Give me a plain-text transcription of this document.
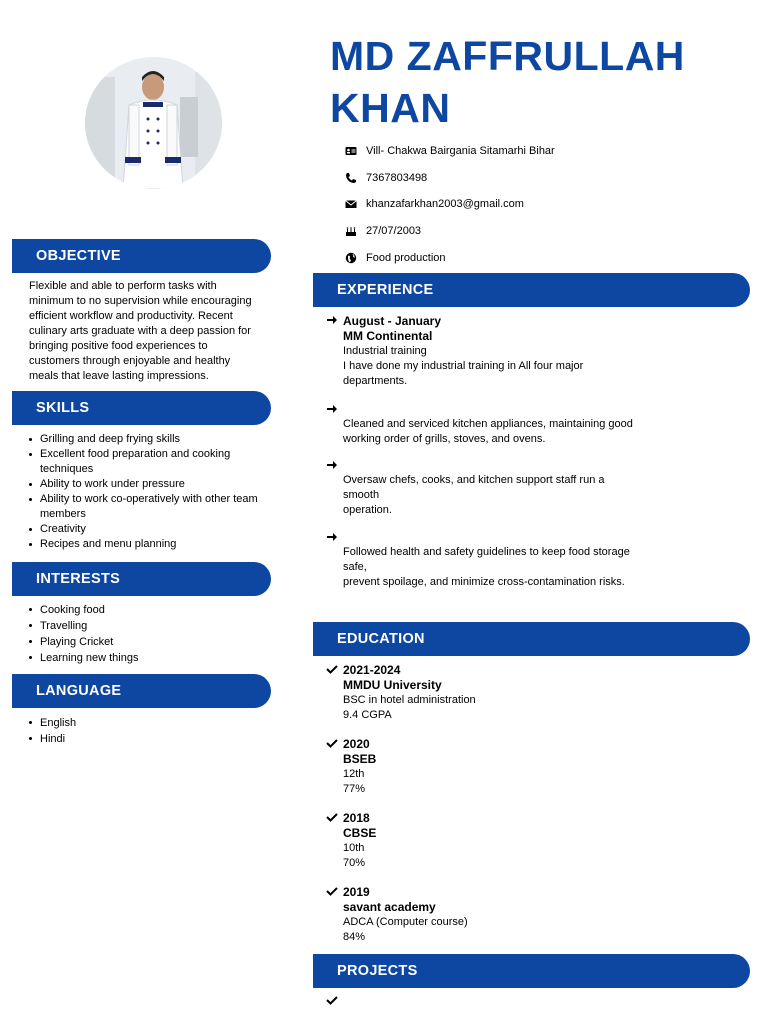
MD ZAFFRULLAH KHAN
Vill- Chakwa Bairgania Sitamarhi Bihar
7367803498
khanzafarkhan2003@gmail.com
27/07/2003
Food production
OBJECTIVE
Flexible and able to perform tasks with
minimum to no supervision while encouraging
efficient workflow and productivity. Recent
culinary arts graduate with a deep passion for
bringing positive food experiences to
customers through enjoyable and healthy
meals that leave lasting impressions.
SKILLS
Grilling and deep frying skills
Excellent food preparation and cooking techniques
Ability to work under pressure
Ability to work co-operatively with other team members
Creativity
Recipes and menu planning
INTERESTS
Cooking food
Travelling
Playing Cricket
Learning new things
LANGUAGE
English
Hindi
EXPERIENCE
August - January
MM Continental
Industrial training
I have done my industrial training in All four major
departments.
Cleaned and serviced kitchen appliances, maintaining good
working order of grills, stoves, and ovens.
Oversaw chefs, cooks, and kitchen support staff run a
smooth
operation.
Followed health and safety guidelines to keep food storage
safe,
prevent spoilage, and minimize cross-contamination risks.
EDUCATION
2021-2024
MMDU University
BSC in hotel administration
9.4 CGPA
2020
BSEB
12th
77%
2018
CBSE
10th
70%
2019
savant academy
ADCA (Computer course)
84%
PROJECTS
